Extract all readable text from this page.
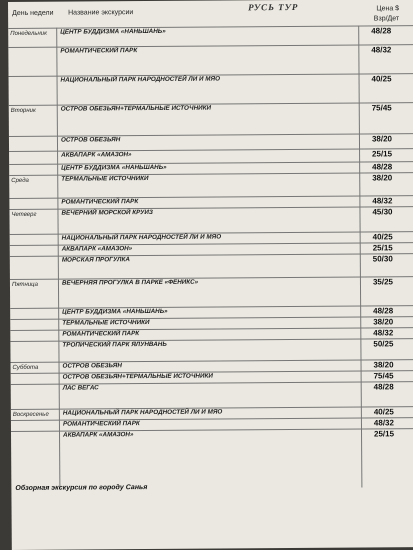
День недели Название экскурсии
Цена $
Взр/Дет
РУСЬ ТУР
Понедельник ЦЕНТР БУДДИЗМА «НАНЬШАНЬ»	48/28
РОМАНТИЧЕСКИЙ ПАРК	48/32
НАЦИОНАЛЬНЫЙ ПАРК НАРОДНОСТЕЙ ЛИ И МЯО	40/25
Вторник	ОСТРОВ ОБЕЗЬЯН+ТЕРМАЛЬНЫЕ ИСТОЧНИКИ	75/45
ОСТРОВ ОБЕЗЬЯН	38/20
АКВАПАРК «АМАЗОН»	25/15
ЦЕНТР БУДДИЗМА «НАНЬШАНЬ»	48/28
Среда	ТЕРМАЛЬНЫЕ ИСТОЧНИКИ	38/20
РОМАНТИЧЕСКИЙ ПАРК	48/32
Четверг	ВЕЧЕРНИЙ МОРСКОЙ КРУИЗ	45/30
НАЦИОНАЛЬНЫЙ ПАРК НАРОДНОСТЕЙ ЛИ И МЯО	40/25
АКВАПАРК «АМАЗОН»	25/15
МОРСКАЯ ПРОГУЛКА	50/30
Пятница	ВЕЧЕРНЯЯ ПРОГУЛКА В ПАРКЕ «ФЕНИКС»	35/25
ЦЕНТР БУДДИЗМА «НАНЬШАНЬ»	48/28
ТЕРМАЛЬНЫЕ ИСТОЧНИКИ	38/20
РОМАНТИЧЕСКИЙ ПАРК	48/32
ТРОПИЧЕСКИЙ ПАРК ЯЛУНВАНЬ	50/25
Суббота	ОСТРОВ ОБЕЗЬЯН	38/20
ОСТРОВ ОБЕЗЬЯН+ТЕРМАЛЬНЫЕ ИСТОЧНИКИ	75/45
ЛАС ВЕГАС	48/28
Воскресенье НАЦИОНАЛЬНЫЙ ПАРК НАРОДНОСТЕЙ ЛИ И МЯО	40/25
РОМАНТИЧЕСКИЙ ПАРК	48/32
АКВАПАРК «АМАЗОН»	25/15
Обзорная экскурсия по городу Санья
